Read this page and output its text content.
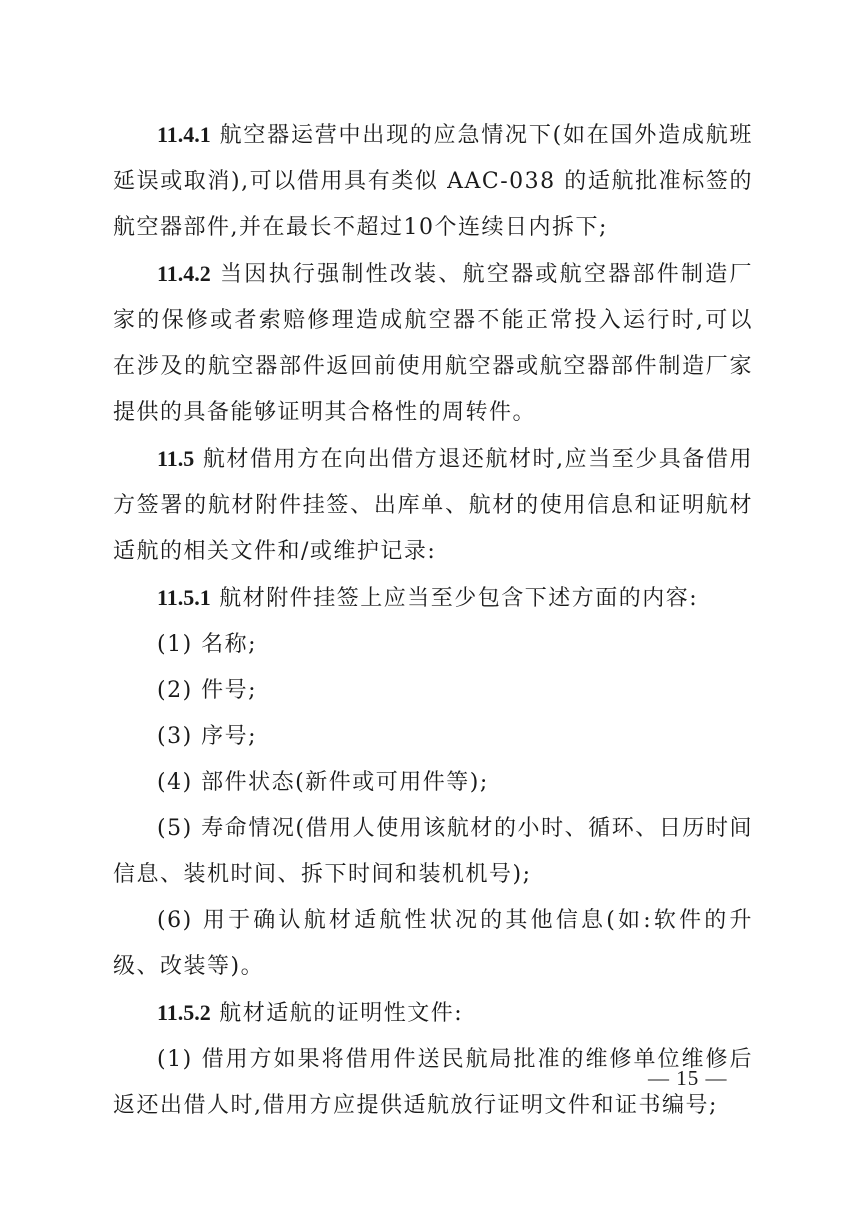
11.4.1 航空器运营中出现的应急情况下(如在国外造成航班延误或取消),可以借用具有类似 AAC-038 的适航批准标签的航空器部件,并在最长不超过10个连续日内拆下;

11.4.2 当因执行强制性改装、航空器或航空器部件制造厂家的保修或者索赔修理造成航空器不能正常投入运行时,可以在涉及的航空器部件返回前使用航空器或航空器部件制造厂家提供的具备能够证明其合格性的周转件。

11.5 航材借用方在向出借方退还航材时,应当至少具备借用方签署的航材附件挂签、出库单、航材的使用信息和证明航材适航的相关文件和/或维护记录:

11.5.1 航材附件挂签上应当至少包含下述方面的内容:

(1) 名称;

(2) 件号;

(3) 序号;

(4) 部件状态(新件或可用件等);

(5) 寿命情况(借用人使用该航材的小时、循环、日历时间信息、装机时间、拆下时间和装机机号);

(6) 用于确认航材适航性状况的其他信息(如:软件的升级、改装等)。

11.5.2 航材适航的证明性文件:

(1) 借用方如果将借用件送民航局批准的维修单位维修后返还出借人时,借用方应提供适航放行证明文件和证书编号;

— 15 —
